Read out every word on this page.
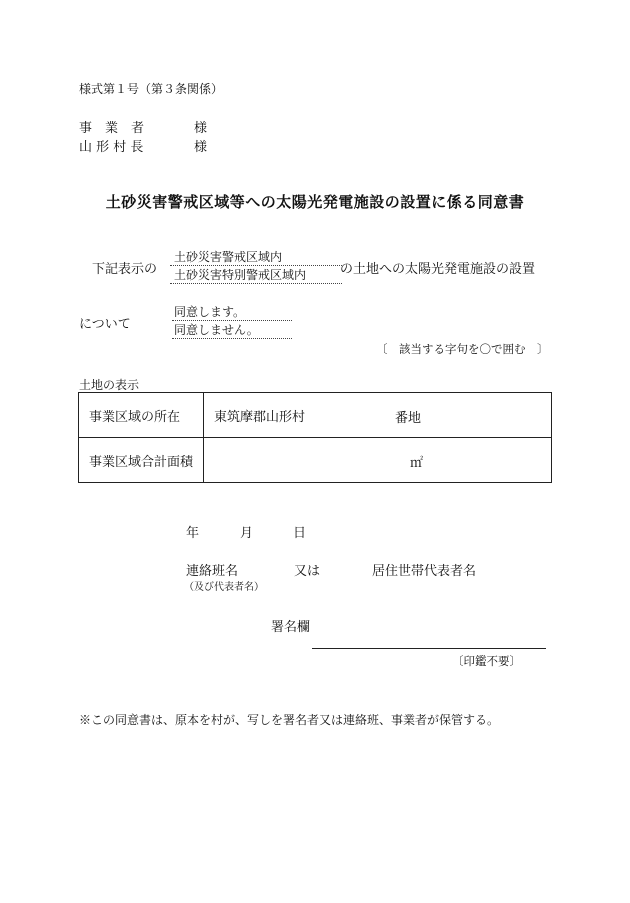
様式第１号（第３条関係）
事　業　者	様
山 形 村 長	様
土砂災害警戒区域等への太陽光発電施設の設置に係る同意書
下記表示の
土砂災害警戒区域内
土砂災害特別警戒区域内	の土地への太陽光発電施設の設置
について
同意します。
同意しません。
〔　該当する字句を〇で囲む　〕
土地の表示
事業区域の所在	東筑摩郡山形村 番地

事業区域合計面積	㎡
年	月	日
連絡班名
（及び代表者名）
又は	居住世帯代表者名
署名欄
〔印鑑不要〕
※この同意書は、原本を村が、写しを署名者又は連絡班、事業者が保管する。
